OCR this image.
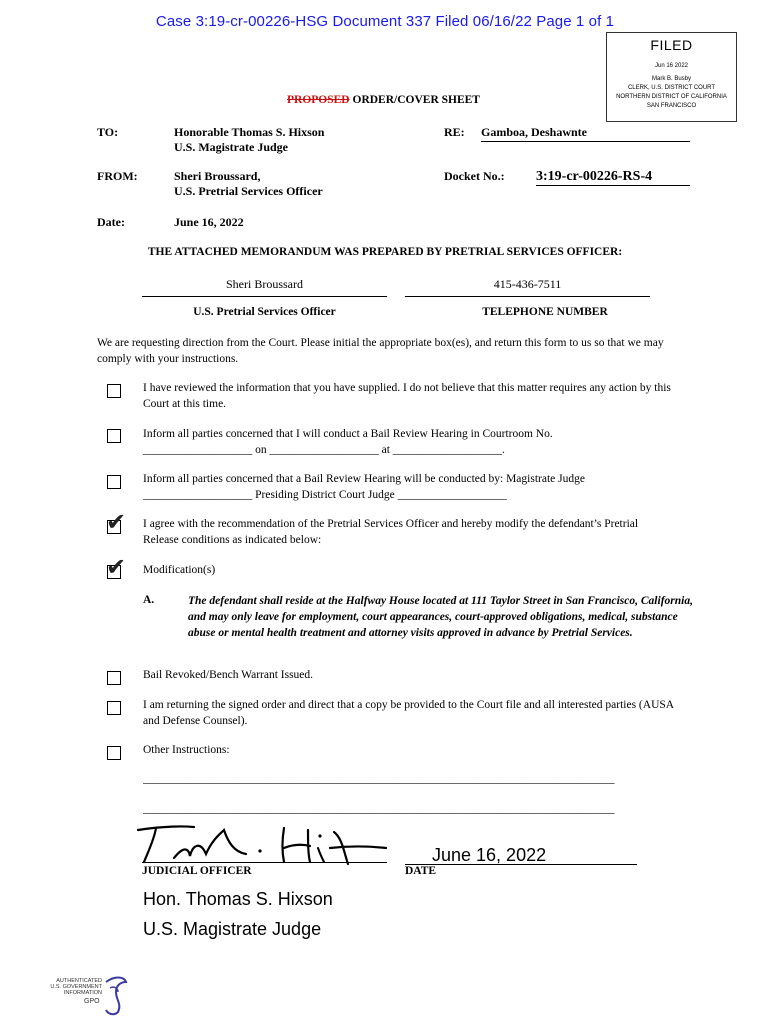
Case 3:19-cr-00226-HSG Document 337 Filed 06/16/22 Page 1 of 1
FILED
Jun 16 2022
Mark B. Busby
CLERK, U.S. DISTRICT COURT
NORTHERN DISTRICT OF CALIFORNIA
SAN FRANCISCO
PROPOSED ORDER/COVER SHEET
TO:	Honorable Thomas S. Hixson
U.S. Magistrate Judge
RE: Gamboa, Deshawnte
FROM:	Sheri Broussard,
U.S. Pretrial Services Officer
Docket No.: 3:19-cr-00226-RS-4
Date:	June 16, 2022
THE ATTACHED MEMORANDUM WAS PREPARED BY PRETRIAL SERVICES OFFICER:
Sheri Broussard
U.S. Pretrial Services Officer
415-436-7511
TELEPHONE NUMBER
We are requesting direction from the Court. Please initial the appropriate box(es), and return this form to us so that we may comply with your instructions.
I have reviewed the information that you have supplied. I do not believe that this matter requires any action by this Court at this time.
Inform all parties concerned that I will conduct a Bail Review Hearing in Courtroom No. ___________________ on ___________________ at ___________________.
Inform all parties concerned that a Bail Review Hearing will be conducted by: Magistrate Judge ___________________ Presiding District Court Judge ___________________
✔ I agree with the recommendation of the Pretrial Services Officer and hereby modify the defendant’s Pretrial Release conditions as indicated below:
✔ Modification(s)
A.	The defendant shall reside at the Halfway House located at 111 Taylor Street in San Francisco, California, and may only leave for employment, court appearances, court-approved obligations, medical, substance abuse or mental health treatment and attorney visits approved in advance by Pretrial Services.
Bail Revoked/Bench Warrant Issued.
I am returning the signed order and direct that a copy be provided to the Court file and all interested parties (AUSA and Defense Counsel).
Other Instructions:
__________________________________________________________________________________
__________________________________________________________________________________
JUDICIAL OFFICER
June 16, 2022
DATE
Hon. Thomas S. Hixson
U.S. Magistrate Judge
AUTHENTICATED
U.S. GOVERNMENT
INFORMATION
GPO
